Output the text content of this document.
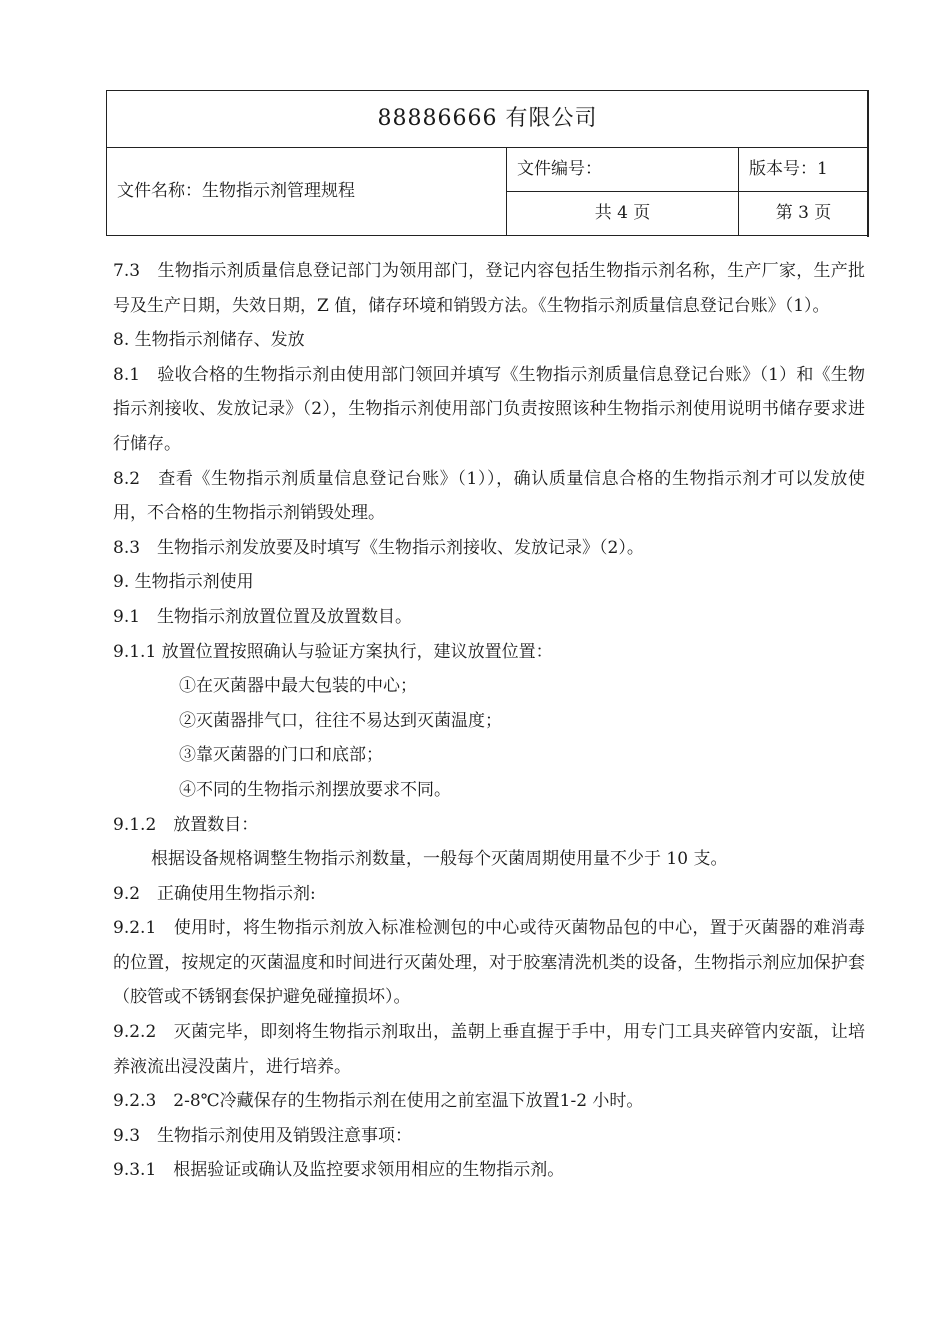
88886666 有限公司		
文件名称：生物指示剂管理规程	文件编号：	版本号：1
	共 4 页	第 3 页

7.3　生物指示剂质量信息登记部门为领用部门，登记内容包括生物指示剂名称，生产厂家，生产批号及生产日期，失效日期，Z 值，储存环境和销毁方法。《生物指示剂质量信息登记台账》（1）。

8. 生物指示剂储存、发放

8.1　验收合格的生物指示剂由使用部门领回并填写《生物指示剂质量信息登记台账》（1）和《生物指示剂接收、发放记录》（2），生物指示剂使用部门负责按照该种生物指示剂使用说明书储存要求进行储存。

8.2　查看《生物指示剂质量信息登记台账》（1）），确认质量信息合格的生物指示剂才可以发放使用，不合格的生物指示剂销毁处理。

8.3　生物指示剂发放要及时填写《生物指示剂接收、发放记录》（2）。

9. 生物指示剂使用

9.1　生物指示剂放置位置及放置数目。

9.1.1 放置位置按照确认与验证方案执行，建议放置位置：

①在灭菌器中最大包装的中心；

②灭菌器排气口，往往不易达到灭菌温度；

③靠灭菌器的门口和底部；

④不同的生物指示剂摆放要求不同。

9.1.2　放置数目：

根据设备规格调整生物指示剂数量，一般每个灭菌周期使用量不少于 10 支。

9.2　正确使用生物指示剂:

9.2.1　使用时，将生物指示剂放入标准检测包的中心或待灭菌物品包的中心，置于灭菌器的难消毒的位置，按规定的灭菌温度和时间进行灭菌处理，对于胶塞清洗机类的设备，生物指示剂应加保护套（胶管或不锈钢套保护避免碰撞损坏）。

9.2.2　灭菌完毕，即刻将生物指示剂取出，盖朝上垂直握于手中，用专门工具夹碎管内安瓿，让培养液流出浸没菌片，进行培养。

9.2.3　2-8℃冷藏保存的生物指示剂在使用之前室温下放置1-2 小时。

9.3　生物指示剂使用及销毁注意事项：

9.3.1　根据验证或确认及监控要求领用相应的生物指示剂。
